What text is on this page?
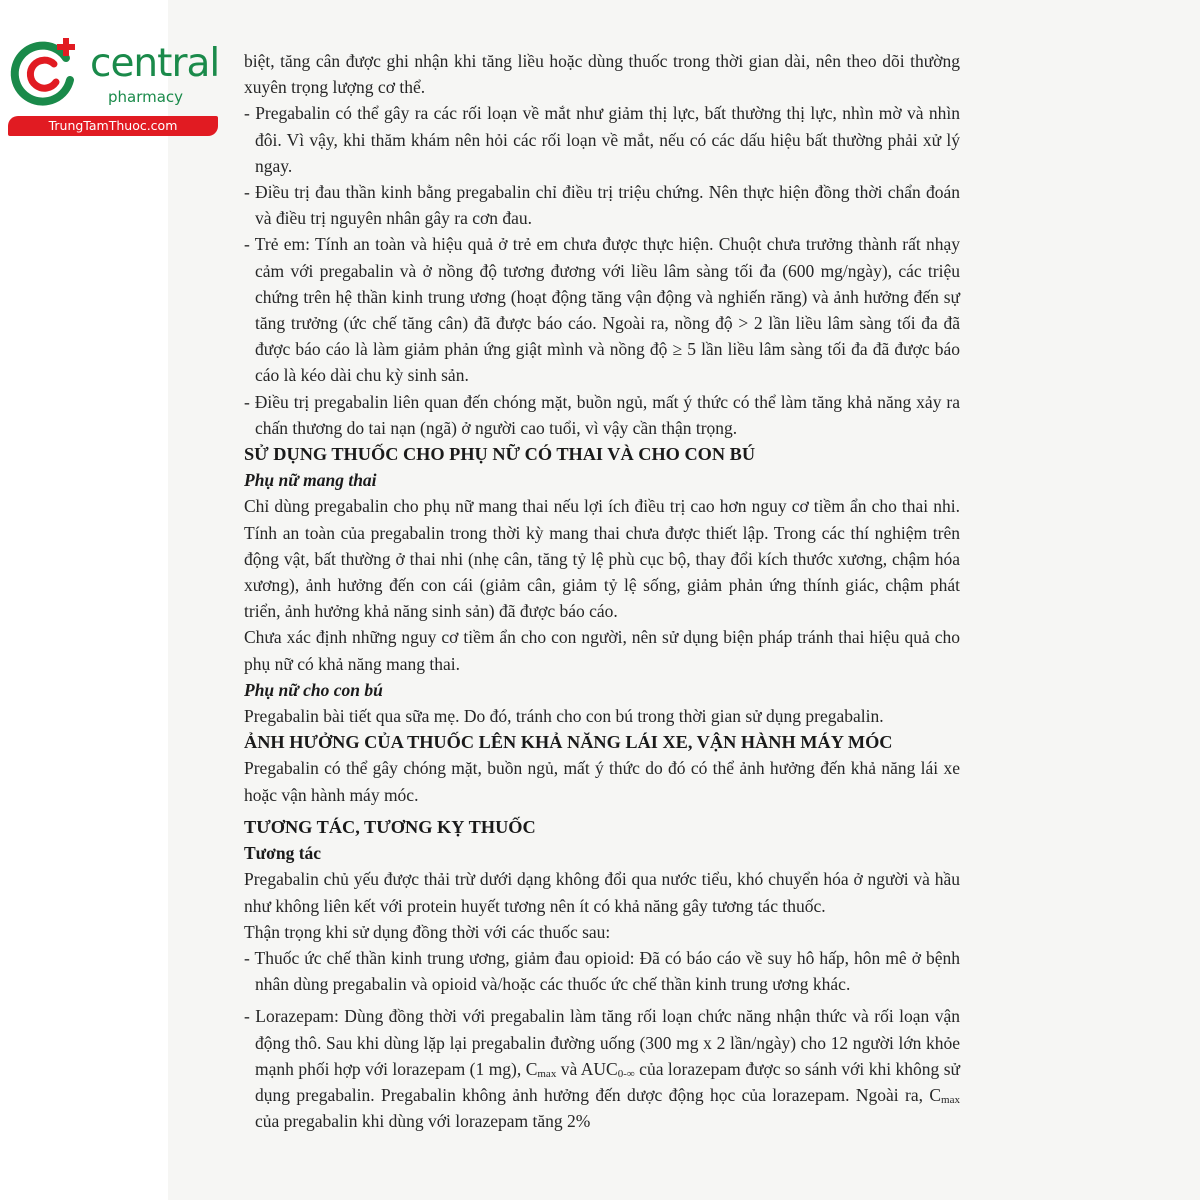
central
pharmacy
TrungTamThuoc.com

biệt, tăng cân được ghi nhận khi tăng liều hoặc dùng thuốc trong thời gian dài, nên theo dõi thường xuyên trọng lượng cơ thể.

- Pregabalin có thể gây ra các rối loạn về mắt như giảm thị lực, bất thường thị lực, nhìn mờ và nhìn đôi. Vì vậy, khi thăm khám nên hỏi các rối loạn về mắt, nếu có các dấu hiệu bất thường phải xử lý ngay.

- Điều trị đau thần kinh bằng pregabalin chỉ điều trị triệu chứng. Nên thực hiện đồng thời chẩn đoán và điều trị nguyên nhân gây ra cơn đau.

- Trẻ em: Tính an toàn và hiệu quả ở trẻ em chưa được thực hiện. Chuột chưa trưởng thành rất nhạy cảm với pregabalin và ở nồng độ tương đương với liều lâm sàng tối đa (600 mg/ngày), các triệu chứng trên hệ thần kinh trung ương (hoạt động tăng vận động và nghiến răng) và ảnh hưởng đến sự tăng trưởng (ức chế tăng cân) đã được báo cáo. Ngoài ra, nồng độ > 2 lần liều lâm sàng tối đa đã được báo cáo là làm giảm phản ứng giật mình và nồng độ ≥ 5 lần liều lâm sàng tối đa đã được báo cáo là kéo dài chu kỳ sinh sản.

- Điều trị pregabalin liên quan đến chóng mặt, buồn ngủ, mất ý thức có thể làm tăng khả năng xảy ra chấn thương do tai nạn (ngã) ở người cao tuổi, vì vậy cần thận trọng.

SỬ DỤNG THUỐC CHO PHỤ NỮ CÓ THAI VÀ CHO CON BÚ

Phụ nữ mang thai

Chỉ dùng pregabalin cho phụ nữ mang thai nếu lợi ích điều trị cao hơn nguy cơ tiềm ẩn cho thai nhi. Tính an toàn của pregabalin trong thời kỳ mang thai chưa được thiết lập. Trong các thí nghiệm trên động vật, bất thường ở thai nhi (nhẹ cân, tăng tỷ lệ phù cục bộ, thay đổi kích thước xương, chậm hóa xương), ảnh hưởng đến con cái (giảm cân, giảm tỷ lệ sống, giảm phản ứng thính giác, chậm phát triển, ảnh hưởng khả năng sinh sản) đã được báo cáo.

Chưa xác định những nguy cơ tiềm ẩn cho con người, nên sử dụng biện pháp tránh thai hiệu quả cho phụ nữ có khả năng mang thai.

Phụ nữ cho con bú

Pregabalin bài tiết qua sữa mẹ. Do đó, tránh cho con bú trong thời gian sử dụng pregabalin.

ẢNH HƯỞNG CỦA THUỐC LÊN KHẢ NĂNG LÁI XE, VẬN HÀNH MÁY MÓC

Pregabalin có thể gây chóng mặt, buồn ngủ, mất ý thức do đó có thể ảnh hưởng đến khả năng lái xe hoặc vận hành máy móc.

TƯƠNG TÁC, TƯƠNG KỴ THUỐC

Tương tác

Pregabalin chủ yếu được thải trừ dưới dạng không đổi qua nước tiểu, khó chuyển hóa ở người và hầu như không liên kết với protein huyết tương nên ít có khả năng gây tương tác thuốc.

Thận trọng khi sử dụng đồng thời với các thuốc sau:

- Thuốc ức chế thần kinh trung ương, giảm đau opioid: Đã có báo cáo về suy hô hấp, hôn mê ở bệnh nhân dùng pregabalin và opioid và/hoặc các thuốc ức chế thần kinh trung ương khác.

- Lorazepam: Dùng đồng thời với pregabalin làm tăng rối loạn chức năng nhận thức và rối loạn vận động thô. Sau khi dùng lặp lại pregabalin đường uống (300 mg x 2 lần/ngày) cho 12 người lớn khỏe mạnh phối hợp với lorazepam (1 mg), $C_{max}$ và $AUC_{0-\infty}$ của lorazepam được so sánh với khi không sử dụng pregabalin. Pregabalin không ảnh hưởng đến dược động học của lorazepam. Ngoài ra, $C_{max}$ của pregabalin khi dùng với lorazepam tăng 2%
